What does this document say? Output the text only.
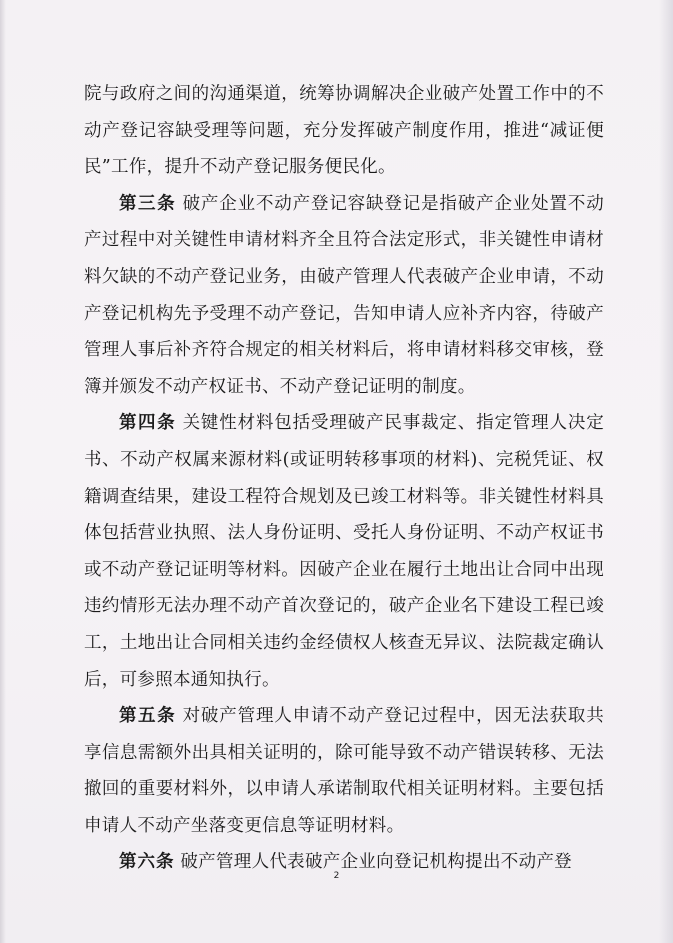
院与政府之间的沟通渠道，统筹协调解决企业破产处置工作中的不动产登记容缺受理等问题，充分发挥破产制度作用，推进“减证便民”工作，提升不动产登记服务便民化。

第三条 破产企业不动产登记容缺登记是指破产企业处置不动产过程中对关键性申请材料齐全且符合法定形式，非关键性申请材料欠缺的不动产登记业务，由破产管理人代表破产企业申请，不动产登记机构先予受理不动产登记，告知申请人应补齐内容，待破产管理人事后补齐符合规定的相关材料后，将申请材料移交审核，登簿并颁发不动产权证书、不动产登记证明的制度。

第四条 关键性材料包括受理破产民事裁定、指定管理人决定书、不动产权属来源材料(或证明转移事项的材料)、完税凭证、权籍调查结果，建设工程符合规划及已竣工材料等。非关键性材料具体包括营业执照、法人身份证明、受托人身份证明、不动产权证书或不动产登记证明等材料。因破产企业在履行土地出让合同中出现违约情形无法办理不动产首次登记的，破产企业名下建设工程已竣工，土地出让合同相关违约金经债权人核查无异议、法院裁定确认后，可参照本通知执行。

第五条 对破产管理人申请不动产登记过程中，因无法获取共享信息需额外出具相关证明的，除可能导致不动产错误转移、无法撤回的重要材料外，以申请人承诺制取代相关证明材料。主要包括申请人不动产坐落变更信息等证明材料。

第六条 破产管理人代表破产企业向登记机构提出不动产登

2
